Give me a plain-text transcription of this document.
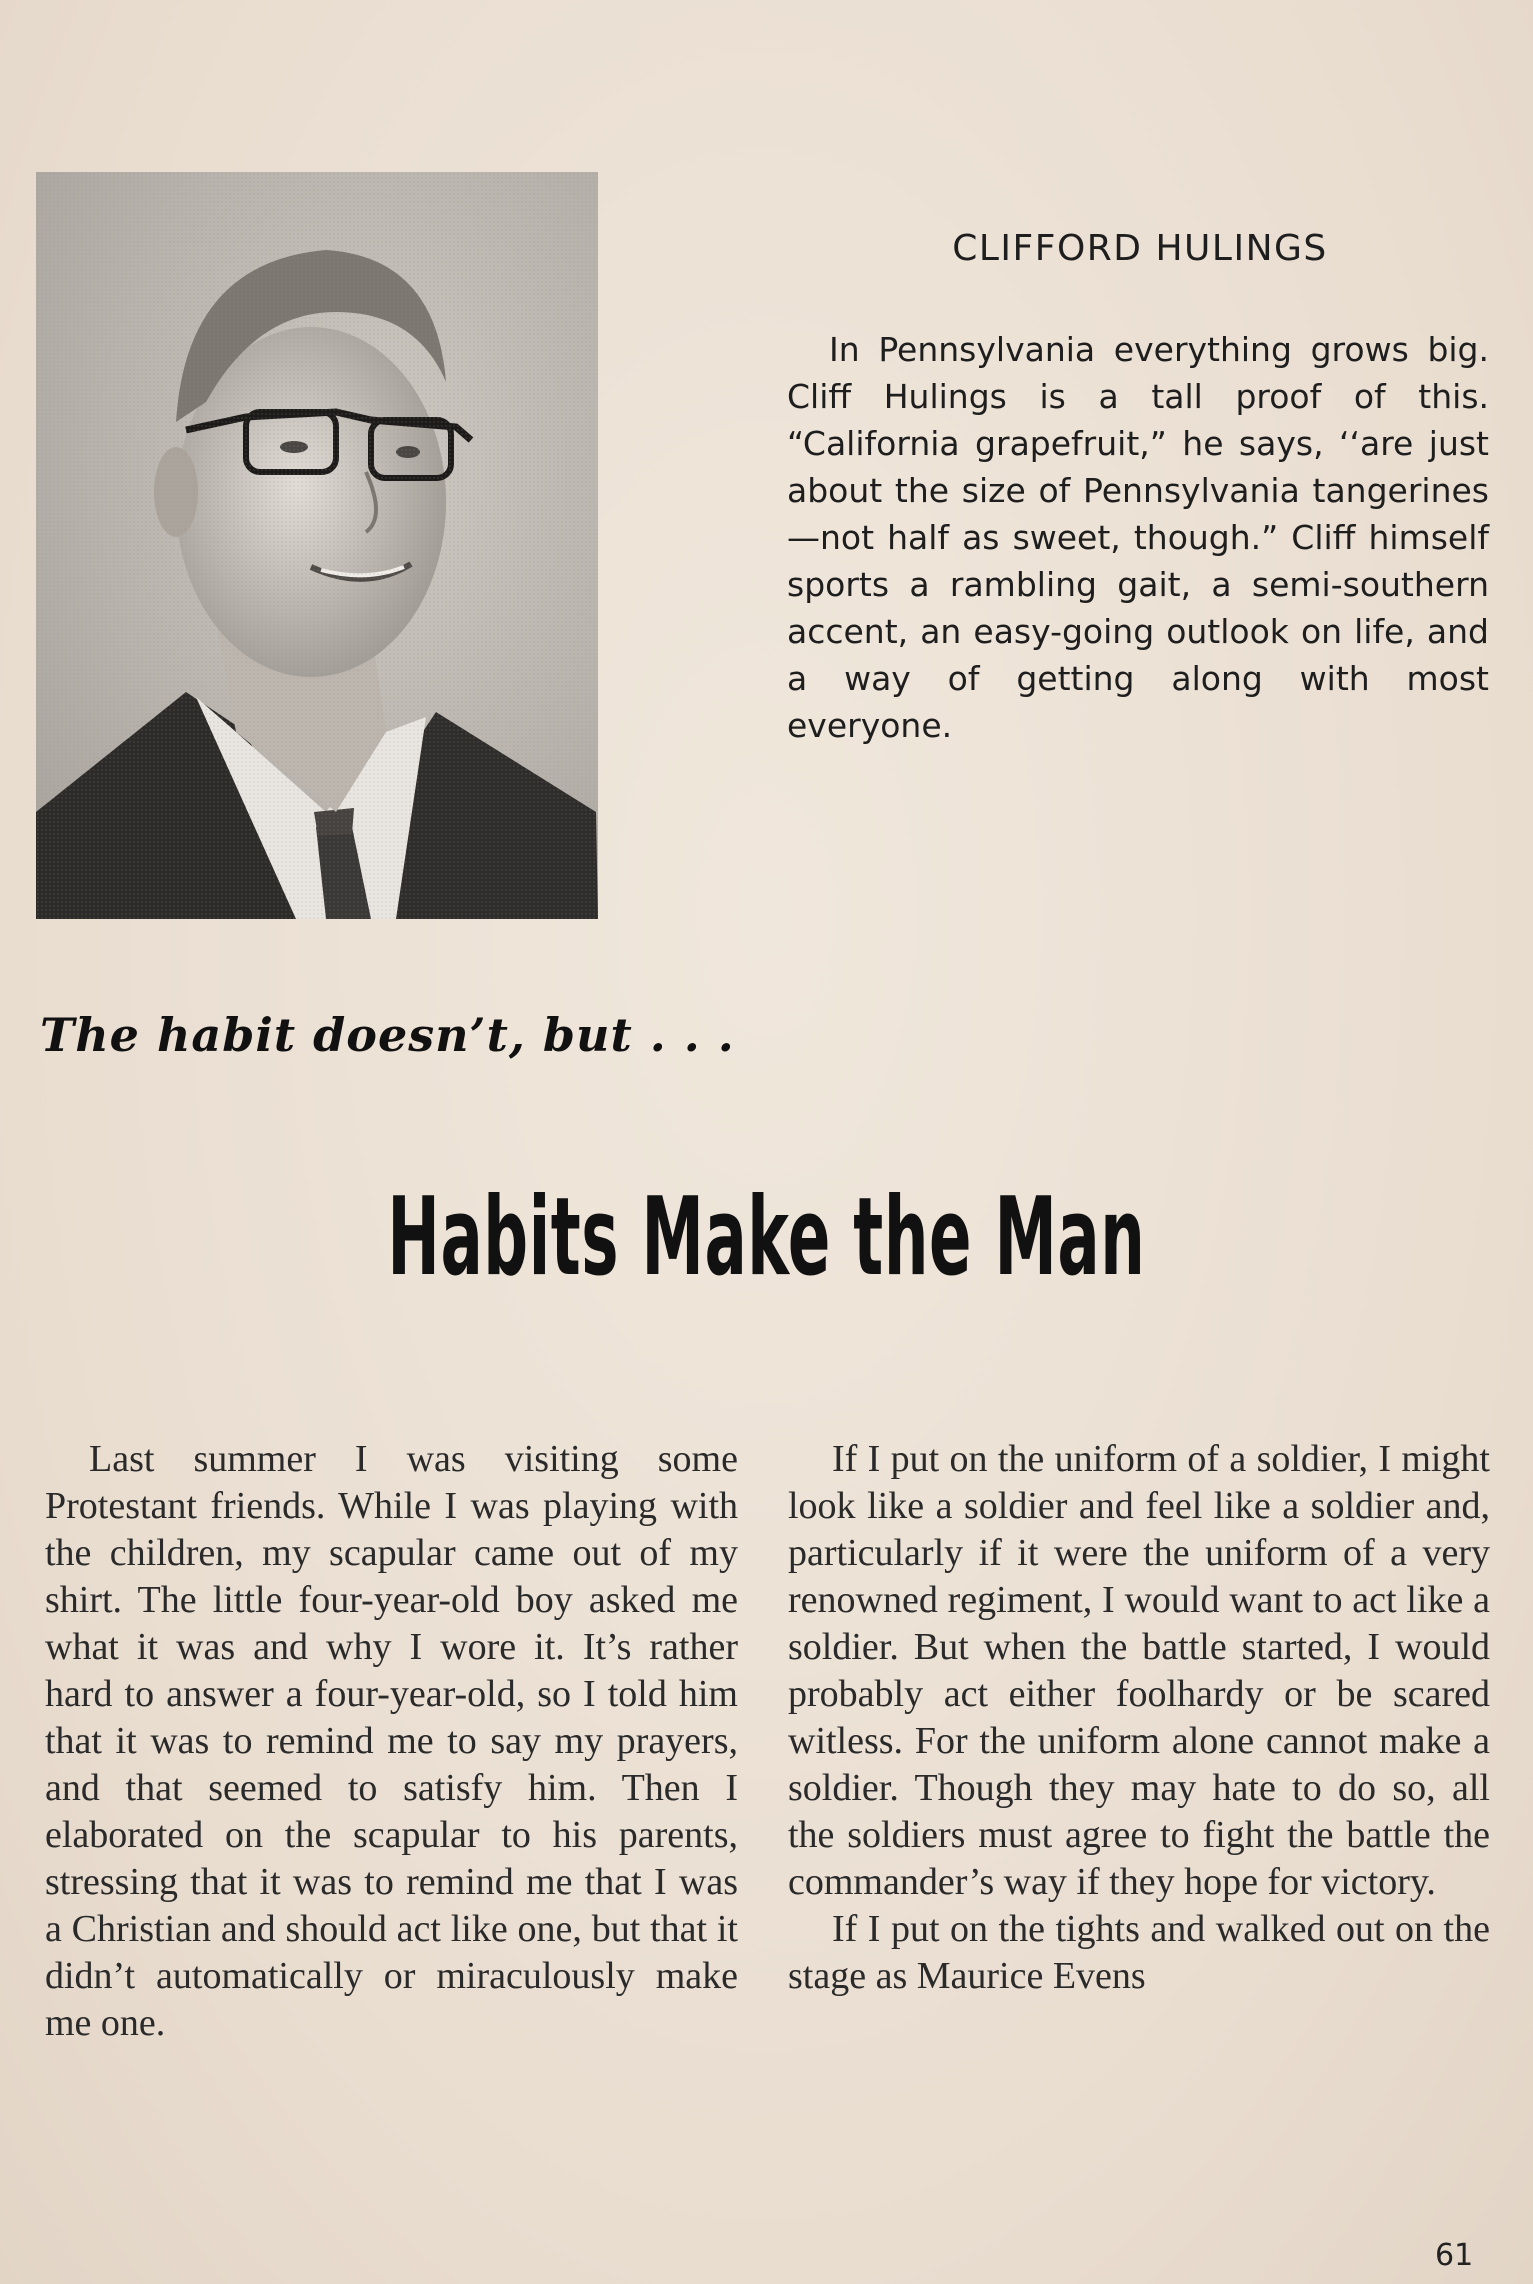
CLIFFORD HULINGS
In Pennsylvania everything grows big. Cliff Hulings is a tall proof of this. “California grapefruit,” he says, ‘‘are just about the size of Pennsylvania tangerines—not half as sweet, though.” Cliff himself sports a rambling gait, a semi-southern accent, an easy-going outlook on life, and a way of getting along with most everyone.
The habit doesn’t, but . . .
Habits Make the Man

Last summer I was visiting some Protestant friends. While I was playing with the children, my scapular came out of my shirt. The little four-year-old boy asked me what it was and why I wore it. It’s rather hard to answer a four-year-old, so I told him that it was to remind me to say my prayers, and that seemed to satisfy him. Then I elaborated on the scapular to his parents, stressing that it was to remind me that I was a Christian and should act like one, but that it didn’t automatically or miraculously make me one.

If I put on the uniform of a soldier, I might look like a soldier and feel like a soldier and, particularly if it were the uniform of a very renowned regiment, I would want to act like a soldier. But when the battle started, I would probably act either foolhardy or be scared witless. For the uniform alone cannot make a soldier. Though they may hate to do so, all the soldiers must agree to fight the battle the commander’s way if they hope for victory.

If I put on the tights and walked out on the stage as Maurice Evens

61
